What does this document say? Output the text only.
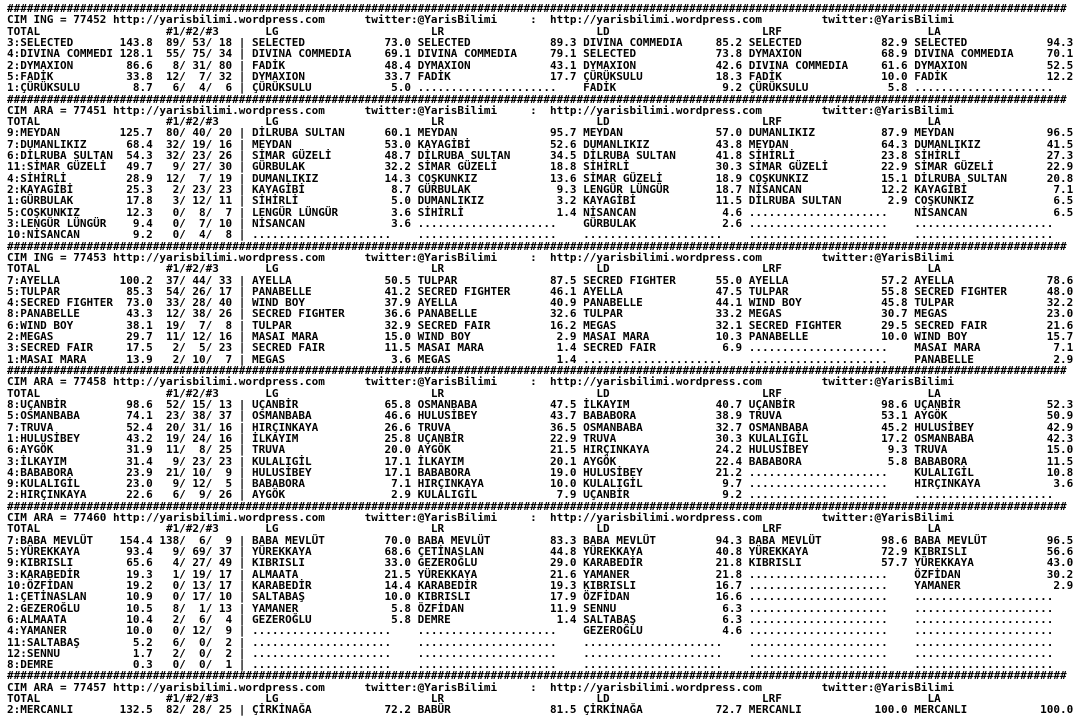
################################################################################################################################################################
CIM ING = 77452 http://yarisbilimi.wordpress.com      twitter:@YarisBilimi     :  http://yarisbilimi.wordpress.com         twitter:@YarisBilimi
TOTAL                   #1/#2/#3       LG                       LR                       LD                       LRF                      LA
3:SELECTED       143.8  89/ 53/ 18 | SELECTED            73.0 SELECTED            89.3 DIVINA COMMEDIA     85.2 SELECTED            82.9 SELECTED            94.3
4:DIVINA COMMEDI 128.1  55/ 75/ 34 | DIVINA COMMEDIA     69.1 DIVINA COMMEDIA     79.1 SELECTED            73.8 DYMAXION            68.9 DIVINA COMMEDIA     70.1
2:DYMAXION        86.6   8/ 31/ 80 | FADİK               48.4 DYMAXION            43.1 DYMAXION            42.6 DIVINA COMMEDIA     61.6 DYMAXION            52.5
5:FADİK           33.8  12/  7/ 32 | DYMAXION            33.7 FADİK               17.7 ÇÜRÜKSULU           18.3 FADİK               10.0 FADİK               12.2
1:ÇÜRÜKSULU        8.7   6/  4/  6 | ÇÜRÜKSULU            5.0 .....................    FADİK                9.2 ÇÜRÜKSULU            5.8 .....................
################################################################################################################################################################
CIM ARA = 77451 http://yarisbilimi.wordpress.com      twitter:@YarisBilimi     :  http://yarisbilimi.wordpress.com         twitter:@YarisBilimi
TOTAL                   #1/#2/#3       LG                       LR                       LD                       LRF                      LA
9:MEYDAN         125.7  80/ 40/ 20 | DİLRUBA SULTAN      60.1 MEYDAN              95.7 MEYDAN              57.0 DUMANLIKIZ          87.9 MEYDAN              96.5
7:DUMANLIKIZ      68.4  32/ 19/ 16 | MEYDAN              53.0 KAYAGİBİ            52.6 DUMANLIKIZ          43.8 MEYDAN              64.3 DUMANLIKIZ          41.5
6:DİLRUBA SULTAN  54.3  32/ 23/ 26 | SİMAR GÜZELİ        48.7 DİLRUBA SULTAN      34.5 DİLRUBA SULTAN      41.8 SİHİRLİ             23.8 SİHİRLİ             27.3
11:SİMAR GÜZELİ   49.7   9/ 27/ 30 | GÜRBULAK            32.2 SİMAR GÜZELİ        18.8 SİHİRLİ             30.3 SİMAR GÜZELİ        22.9 SİMAR GÜZELİ        22.9
4:SİHİRLİ         28.9  12/  7/ 19 | DUMANLIKIZ          14.3 COŞKUNKIZ           13.6 SİMAR GÜZELİ        18.9 COŞKUNKIZ           15.1 DİLRUBA SULTAN      20.8
2:KAYAGİBİ        25.3   2/ 23/ 23 | KAYAGİBİ             8.7 GÜRBULAK             9.3 LENGÜR LÜNGÜR       18.7 NİSANCAN            12.2 KAYAGİBİ             7.1
1:GÜRBULAK        17.8   3/ 12/ 11 | SİHİRLİ              5.0 DUMANLIKIZ           3.2 KAYAGİBİ            11.5 DİLRUBA SULTAN       2.9 COŞKUNKIZ            6.5
5:COŞKUNKIZ       12.3   0/  8/  7 | LENGÜR LÜNGÜR        3.6 SİHİRLİ              1.4 NİSANCAN             4.6 .....................    NİSANCAN             6.5
3:LENGÜR LÜNGÜR    9.4   0/  7/ 10 | NİSANCAN             3.6 .....................    GÜRBULAK             2.6 .....................    .....................
10:NİSANCAN        9.2   0/  4/  8 | .....................    .....................    .....................    .....................    .....................
################################################################################################################################################################
CIM ING = 77453 http://yarisbilimi.wordpress.com      twitter:@YarisBilimi     :  http://yarisbilimi.wordpress.com         twitter:@YarisBilimi
TOTAL                   #1/#2/#3       LG                       LR                       LD                       LRF                      LA
7:AYELLA         100.2  37/ 44/ 33 | AYELLA              50.5 TULPAR              87.5 SECRED FIGHTER      55.0 AYELLA              57.2 AYELLA              78.6
5:TULPAR          85.3  54/ 26/ 17 | PANABELLE           41.2 SECRED FIGHTER      46.1 AYELLA              47.5 TULPAR              55.8 SECRED FIGHTER      48.0
4:SECRED FIGHTER  73.0  33/ 28/ 40 | WIND BOY            37.9 AYELLA              40.9 PANABELLE           44.1 WIND BOY            45.8 TULPAR              32.2
8:PANABELLE       43.3  12/ 38/ 26 | SECRED FIGHTER      36.6 PANABELLE           32.6 TULPAR              33.2 MEGAS               30.7 MEGAS               23.0
6:WIND BOY        38.1  19/  7/  8 | TULPAR              32.9 SECRED FAIR         16.2 MEGAS               32.1 SECRED FIGHTER      29.5 SECRED FAIR         21.6
2:MEGAS           29.7  11/ 12/ 16 | MASAI MARA          15.0 WIND BOY             2.9 MASAI MARA          10.3 PANABELLE           10.0 WIND BOY            15.7
3:SECRED FAIR     17.5   2/  5/ 23 | SECRED FAIR         11.5 MASAI MARA           1.4 SECRED FAIR          6.9 .....................    MASAI MARA           7.1
1:MASAI MARA      13.9   2/ 10/  7 | MEGAS                3.6 MEGAS                1.4 .....................    .....................    PANABELLE            2.9
################################################################################################################################################################
CIM ARA = 77458 http://yarisbilimi.wordpress.com      twitter:@YarisBilimi     :  http://yarisbilimi.wordpress.com         twitter:@YarisBilimi
TOTAL                   #1/#2/#3       LG                       LR                       LD                       LRF                      LA
8:UÇANBİR         98.6  52/ 15/ 13 | UÇANBİR             65.8 OSMANBABA           47.5 İLKAYIM             40.7 UÇANBİR             98.6 UÇANBİR             52.3
5:OSMANBABA       74.1  23/ 38/ 37 | OSMANBABA           46.6 HULUSİBEY           43.7 BABABORA            38.9 TRUVA               53.1 AYGÖK               50.9
7:TRUVA           52.4  20/ 31/ 16 | HIRÇINKAYA          26.6 TRUVA               36.5 OSMANBABA           32.7 OSMANBABA           45.2 HULUSİBEY           42.9
1:HULUSİBEY       43.2  19/ 24/ 16 | İLKAYIM             25.8 UÇANBİR             22.9 TRUVA               30.3 KULALIGİL           17.2 OSMANBABA           42.3
6:AYGÖK           31.9  11/  8/ 25 | TRUVA               20.0 AYGÖK               21.5 HIRÇINKAYA          24.2 HULUSİBEY            9.3 TRUVA               15.0
3:İLKAYIM         31.4   9/ 23/ 23 | KULALIGİL           17.1 İLKAYIM             20.1 AYGÖK               22.4 BABABORA             5.8 BABABORA            11.5
4:BABABORA        23.9  21/ 10/  9 | HULUSİBEY           17.1 BABABORA            19.0 HULUSİBEY           21.2 .....................    KULALIGİL           10.8
9:KULALIGİL       23.0   9/ 12/  5 | BABABORA             7.1 HIRÇINKAYA          10.0 KULALIGİL            9.7 .....................    HIRÇINKAYA           3.6
2:HIRÇINKAYA      22.6   6/  9/ 26 | AYGÖK                2.9 KULALIGİL            7.9 UÇANBİR              9.2 .....................    .....................
################################################################################################################################################################
CIM ARA = 77460 http://yarisbilimi.wordpress.com      twitter:@YarisBilimi     :  http://yarisbilimi.wordpress.com         twitter:@YarisBilimi
TOTAL                   #1/#2/#3       LG                       LR                       LD                       LRF                      LA
7:BABA MEVLÜT    154.4 138/  6/  9 | BABA MEVLÜT         70.0 BABA MEVLÜT         83.3 BABA MEVLÜT         94.3 BABA MEVLÜT         98.6 BABA MEVLÜT         96.5
5:YÜREKKAYA       93.4   9/ 69/ 37 | YÜREKKAYA           68.6 ÇETİNASLAN          44.8 YÜREKKAYA           40.8 YÜREKKAYA           72.9 KIBRISLI            56.6
9:KIBRISLI        65.6   4/ 27/ 49 | KIBRISLI            33.0 GEZEROĞLU           29.0 KARABEDİR           21.8 KIBRISLI            57.7 YÜREKKAYA           43.0
3:KARABEDİR       19.3   1/ 19/ 17 | ALMAATA             21.5 YÜREKKAYA           21.6 YAMANER             21.8 .....................    ÖZFİDAN             30.2
10:ÖZFİDAN        19.2   0/ 13/ 17 | KARABEDİR           14.4 KARABEDİR           19.3 KIBRISLI            16.7 .....................    YAMANER              2.9
1:ÇETİNASLAN      10.9   0/ 17/ 10 | SALTABAŞ            10.0 KIBRISLI            17.9 ÖZFİDAN             16.6 .....................    .....................
2:GEZEROĞLU       10.5   8/  1/ 13 | YAMANER              5.8 ÖZFİDAN             11.9 SENNU                6.3 .....................    .....................
6:ALMAATA         10.4   2/  6/  4 | GEZEROĞLU            5.8 DEMRE                1.4 SALTABAŞ             6.3 .....................    .....................
4:YAMANER         10.0   0/ 12/  9 | .....................    .....................    GEZEROĞLU            4.6 .....................    .....................
11:SALTABAŞ        5.2   6/  0/  2 | .....................    .....................    .....................    .....................    .....................
12:SENNU           1.7   2/  0/  2 | .....................    .....................    .....................    .....................    .....................
8:DEMRE            0.3   0/  0/  1 | .....................    .....................    .....................    .....................    .....................
################################################################################################################################################################
CIM ARA = 77457 http://yarisbilimi.wordpress.com      twitter:@YarisBilimi     :  http://yarisbilimi.wordpress.com         twitter:@YarisBilimi
TOTAL                   #1/#2/#3       LG                       LR                       LD                       LRF                      LA
2:MERCANLI       132.5  82/ 28/ 25 | ÇİRKİNAĞA           72.2 BABÜR               81.5 ÇİRKİNAĞA           72.7 MERCANLI           100.0 MERCANLI           100.0
